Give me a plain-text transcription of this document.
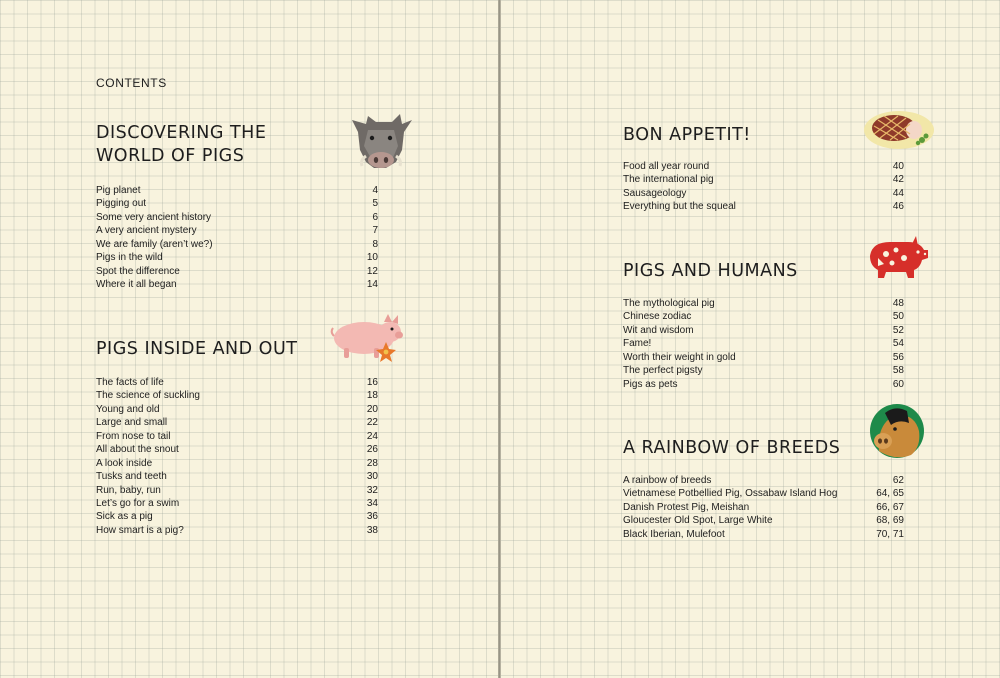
CONTENTS
DISCOVERING THE
WORLD OF PIGS
Pig planet	4
Pigging out	5
Some very ancient history	6
A very ancient mystery	7
We are family (aren’t we?)	8
Pigs in the wild	10
Spot the difference	12
Where it all began	14
PIGS INSIDE AND OUT
The facts of life	16
The science of suckling	18
Young and old	20
Large and small	22
From nose to tail	24
All about the snout	26
A look inside	28
Tusks and teeth	30
Run, baby, run	32
Let’s go for a swim	34
Sick as a pig	36
How smart is a pig?	38
BON APPETIT!
Food all year round	40
The international pig	42
Sausageology	44
Everything but the squeal	46
PIGS AND HUMANS
The mythological pig	48
Chinese zodiac	50
Wit and wisdom	52
Fame!	54
Worth their weight in gold	56
The perfect pigsty	58
Pigs as pets	60
A RAINBOW OF BREEDS
A rainbow of breeds	62
Vietnamese Potbellied Pig, Ossabaw Island Hog	64, 65
Danish Protest Pig, Meishan	66, 67
Gloucester Old Spot, Large White	68, 69
Black Iberian, Mulefoot	70, 71
